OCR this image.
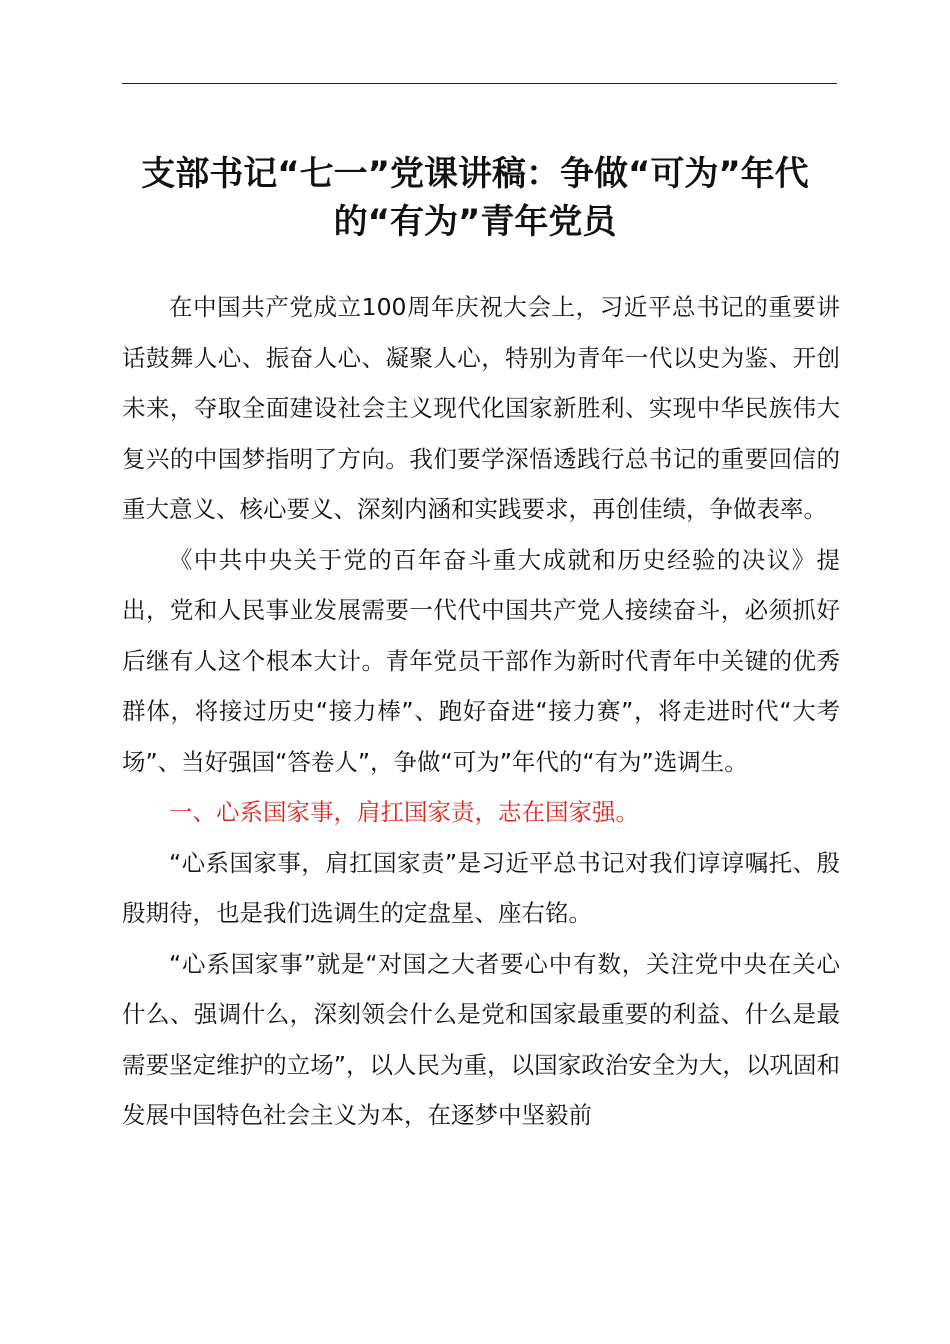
支部书记“七一”党课讲稿：争做“可为”年代
的“有为”青年党员

在中国共产党成立100周年庆祝大会上，习近平总书记的重要讲话鼓舞人心、振奋人心、凝聚人心，特别为青年一代以史为鉴、开创未来，夺取全面建设社会主义现代化国家新胜利、实现中华民族伟大复兴的中国梦指明了方向。我们要学深悟透践行总书记的重要回信的重大意义、核心要义、深刻内涵和实践要求，再创佳绩，争做表率。

《中共中央关于党的百年奋斗重大成就和历史经验的决议》提出，党和人民事业发展需要一代代中国共产党人接续奋斗，必须抓好后继有人这个根本大计。青年党员干部作为新时代青年中关键的优秀群体，将接过历史“接力棒”、跑好奋进“接力赛”，将走进时代“大考场”、当好强国“答卷人”，争做“可为”年代的“有为”选调生。

一、心系国家事，肩扛国家责，志在国家强。

“心系国家事，肩扛国家责”是习近平总书记对我们谆谆嘱托、殷殷期待，也是我们选调生的定盘星、座右铭。

“心系国家事”就是“对国之大者要心中有数，关注党中央在关心什么、强调什么，深刻领会什么是党和国家最重要的利益、什么是最需要坚定维护的立场”，以人民为重，以国家政治安全为大，以巩固和发展中国特色社会主义为本，在逐梦中坚毅前
